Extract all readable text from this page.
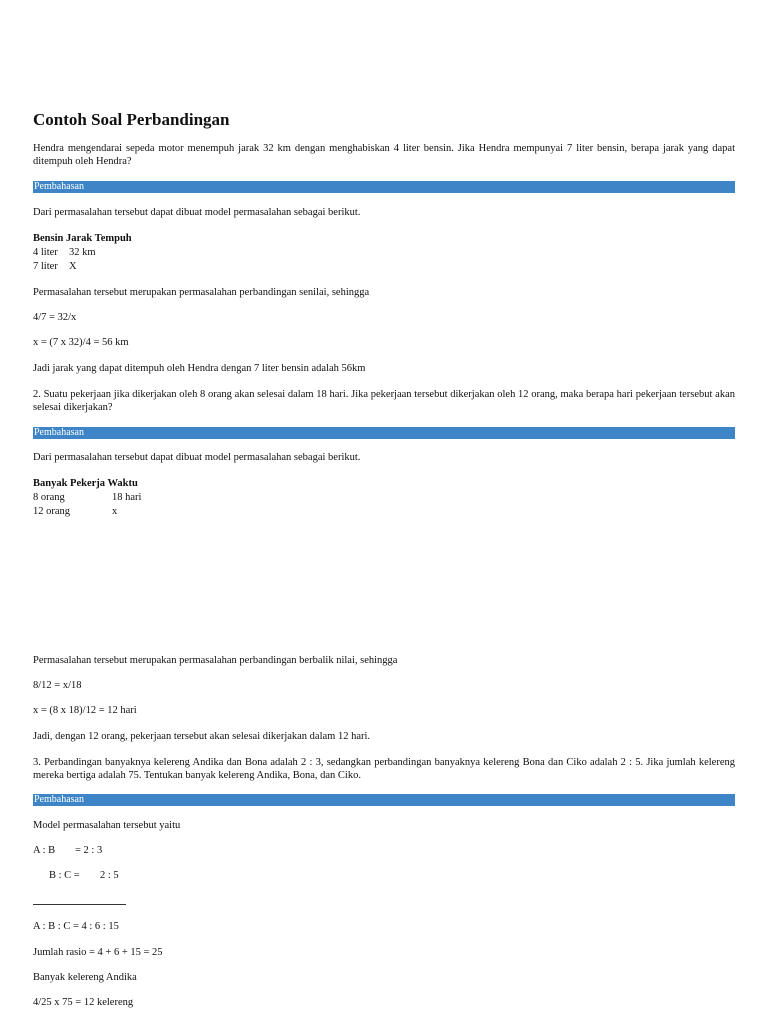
Contoh Soal Perbandingan
Hendra mengendarai sepeda motor menempuh jarak 32 km dengan menghabiskan 4 liter bensin. Jika Hendra mempunyai 7 liter bensin, berapa jarak yang dapat ditempuh oleh Hendra?
Pembahasan
Dari permasalahan tersebut dapat dibuat model permasalahan sebagai berikut.
Bensin Jarak Tempuh
4 liter 32 km
7 liter X
Permasalahan tersebut merupakan permasalahan perbandingan senilai, sehingga
4/7 = 32/x
x = (7 x 32)/4 = 56 km
Jadi jarak yang dapat ditempuh oleh Hendra dengan 7 liter bensin adalah 56km
2. Suatu pekerjaan jika dikerjakan oleh 8 orang akan selesai dalam 18 hari. Jika pekerjaan tersebut dikerjakan oleh 12 orang, maka berapa hari pekerjaan tersebut akan selesai dikerjakan?
Pembahasan
Dari permasalahan tersebut dapat dibuat model permasalahan sebagai berikut.
Banyak Pekerja Waktu
8 orang	18 hari
12 orang	x
Permasalahan tersebut merupakan permasalahan perbandingan berbalik nilai, sehingga
8/12 = x/18
x = (8 x 18)/12 = 12 hari
Jadi, dengan 12 orang, pekerjaan tersebut akan selesai dikerjakan dalam 12 hari.
3. Perbandingan banyaknya kelereng Andika dan Bona adalah 2 : 3, sedangkan perbandingan banyaknya kelereng Bona dan Ciko adalah 2 : 5. Jika jumlah kelereng mereka bertiga adalah 75. Tentukan banyak kelereng Andika, Bona, dan Ciko.
Pembahasan
Model permasalahan tersebut yaitu
A : B = 2 : 3
B : C = 2 : 5
A : B : C = 4 : 6 : 15
Jumlah rasio = 4 + 6 + 15 = 25
Banyak kelereng Andika
4/25 x 75 = 12 kelereng
